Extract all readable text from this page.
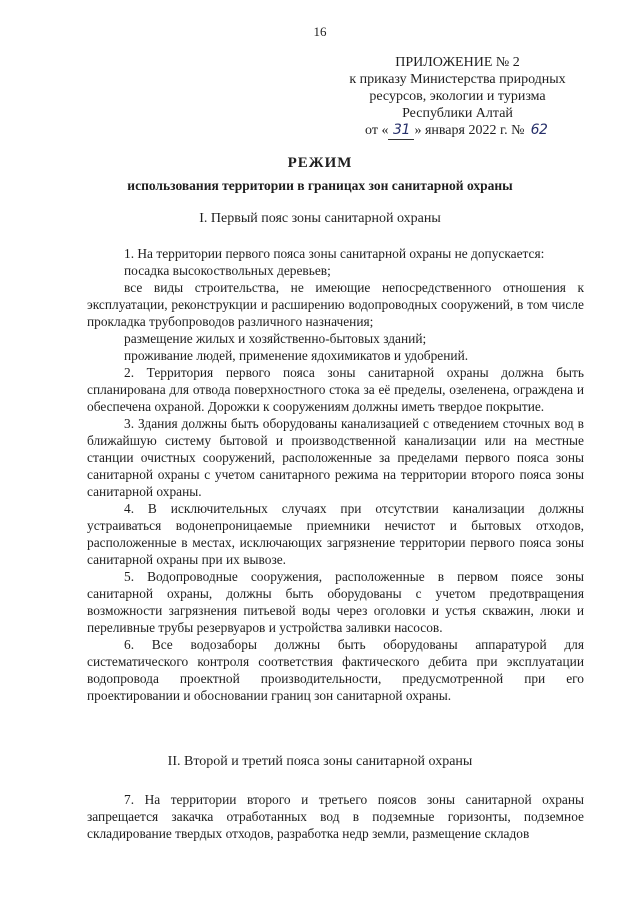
16
ПРИЛОЖЕНИЕ № 2
к приказу Министерства природных
ресурсов, экологии и туризма
Республики Алтай
от « 31 » января 2022 г. № 62
РЕЖИМ
использования территории в границах зон санитарной охраны
I. Первый пояс зоны санитарной охраны

1. На территории первого пояса зоны санитарной охраны не допускается:

посадка высокоствольных деревьев;

все виды строительства, не имеющие непосредственного отношения к эксплуатации, реконструкции и расширению водопроводных сооружений, в том числе прокладка трубопроводов различного назначения;

размещение жилых и хозяйственно-бытовых зданий;

проживание людей, применение ядохимикатов и удобрений.

2. Территория первого пояса зоны санитарной охраны должна быть спланирована для отвода поверхностного стока за её пределы, озеленена, ограждена и обеспечена охраной. Дорожки к сооружениям должны иметь твердое покрытие.

3. Здания должны быть оборудованы канализацией с отведением сточных вод в ближайшую систему бытовой и производственной канализации или на местные станции очистных сооружений, расположенные за пределами первого пояса зоны санитарной охраны с учетом санитарного режима на территории второго пояса зоны санитарной охраны.

4. В исключительных случаях при отсутствии канализации должны устраиваться водонепроницаемые приемники нечистот и бытовых отходов, расположенные в местах, исключающих загрязнение территории первого пояса зоны санитарной охраны при их вывозе.

5. Водопроводные сооружения, расположенные в первом поясе зоны санитарной охраны, должны быть оборудованы с учетом предотвращения возможности загрязнения питьевой воды через оголовки и устья скважин, люки и переливные трубы резервуаров и устройства заливки насосов.

6. Все водозаборы должны быть оборудованы аппаратурой для систематического контроля соответствия фактического дебита при эксплуатации водопровода проектной производительности, предусмотренной при его проектировании и обосновании границ зон санитарной охраны.

II. Второй и третий пояса зоны санитарной охраны

7. На территории второго и третьего поясов зоны санитарной охраны запрещается закачка отработанных вод в подземные горизонты, подземное складирование твердых отходов, разработка недр земли, размещение складов
